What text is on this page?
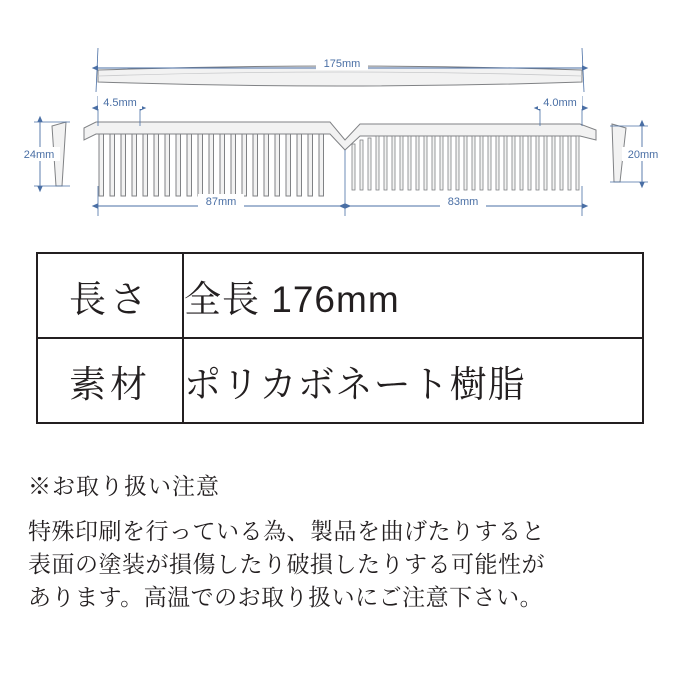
175mm
4.5mm	4.0mm
24mm	20mm
87mm	83mm
長さ	全長 176mm
素材	ポリカボネート樹脂
※お取り扱い注意
特殊印刷を行っている為、製品を曲げたりすると
表面の塗装が損傷したり破損したりする可能性が
あります。高温でのお取り扱いにご注意下さい。
